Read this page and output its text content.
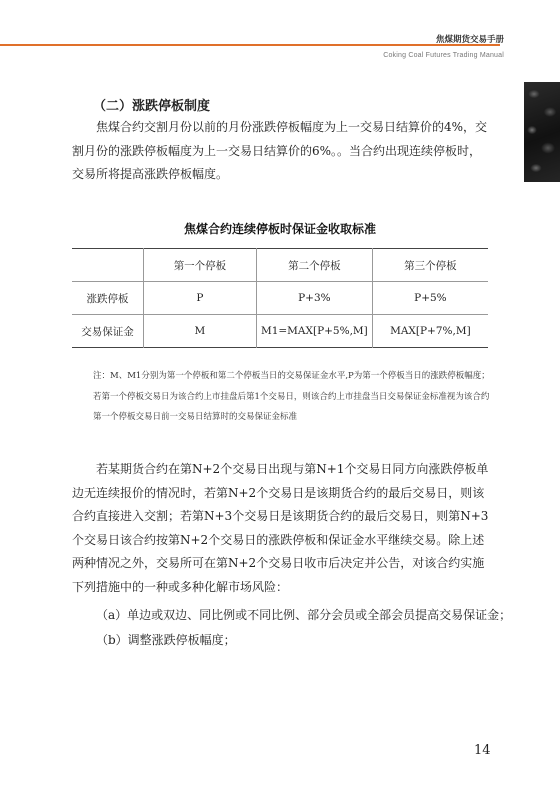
焦煤期货交易手册
Coking Coal Futures Trading Manual
（二）涨跌停板制度

焦煤合约交割月份以前的月份涨跌停板幅度为上一交易日结算价的4%，交割月份的涨跌停板幅度为上一交易日结算价的6%。。当合约出现连续停板时，交易所将提高涨跌停板幅度。

焦煤合约连续停板时保证金收取标准
	第一个停板	第二个停板	第三个停板
涨跌停板	P	P+3%	P+5%
交易保证金	M	M1=MAX[P+5%,M]	MAX[P+7%,M]

注：M、M1分别为第一个停板和第二个停板当日的交易保证金水平,P为第一个停板当日的涨跌停板幅度；若第一个停板交易日为该合约上市挂盘后第1个交易日，则该合约上市挂盘当日交易保证金标准视为该合约第一个停板交易日前一交易日结算时的交易保证金标准

若某期货合约在第N+2个交易日出现与第N+1个交易日同方向涨跌停板单边无连续报价的情况时，若第N+2个交易日是该期货合约的最后交易日，则该合约直接进入交割；若第N+3个交易日是该期货合约的最后交易日，则第N+3个交易日该合约按第N+2个交易日的涨跌停板和保证金水平继续交易。除上述两种情况之外，交易所可在第N+2个交易日收市后决定并公告，对该合约实施下列措施中的一种或多种化解市场风险：

（a）单边或双边、同比例或不同比例、部分会员或全部会员提高交易保证金；
（b）调整涨跌停板幅度；
14
